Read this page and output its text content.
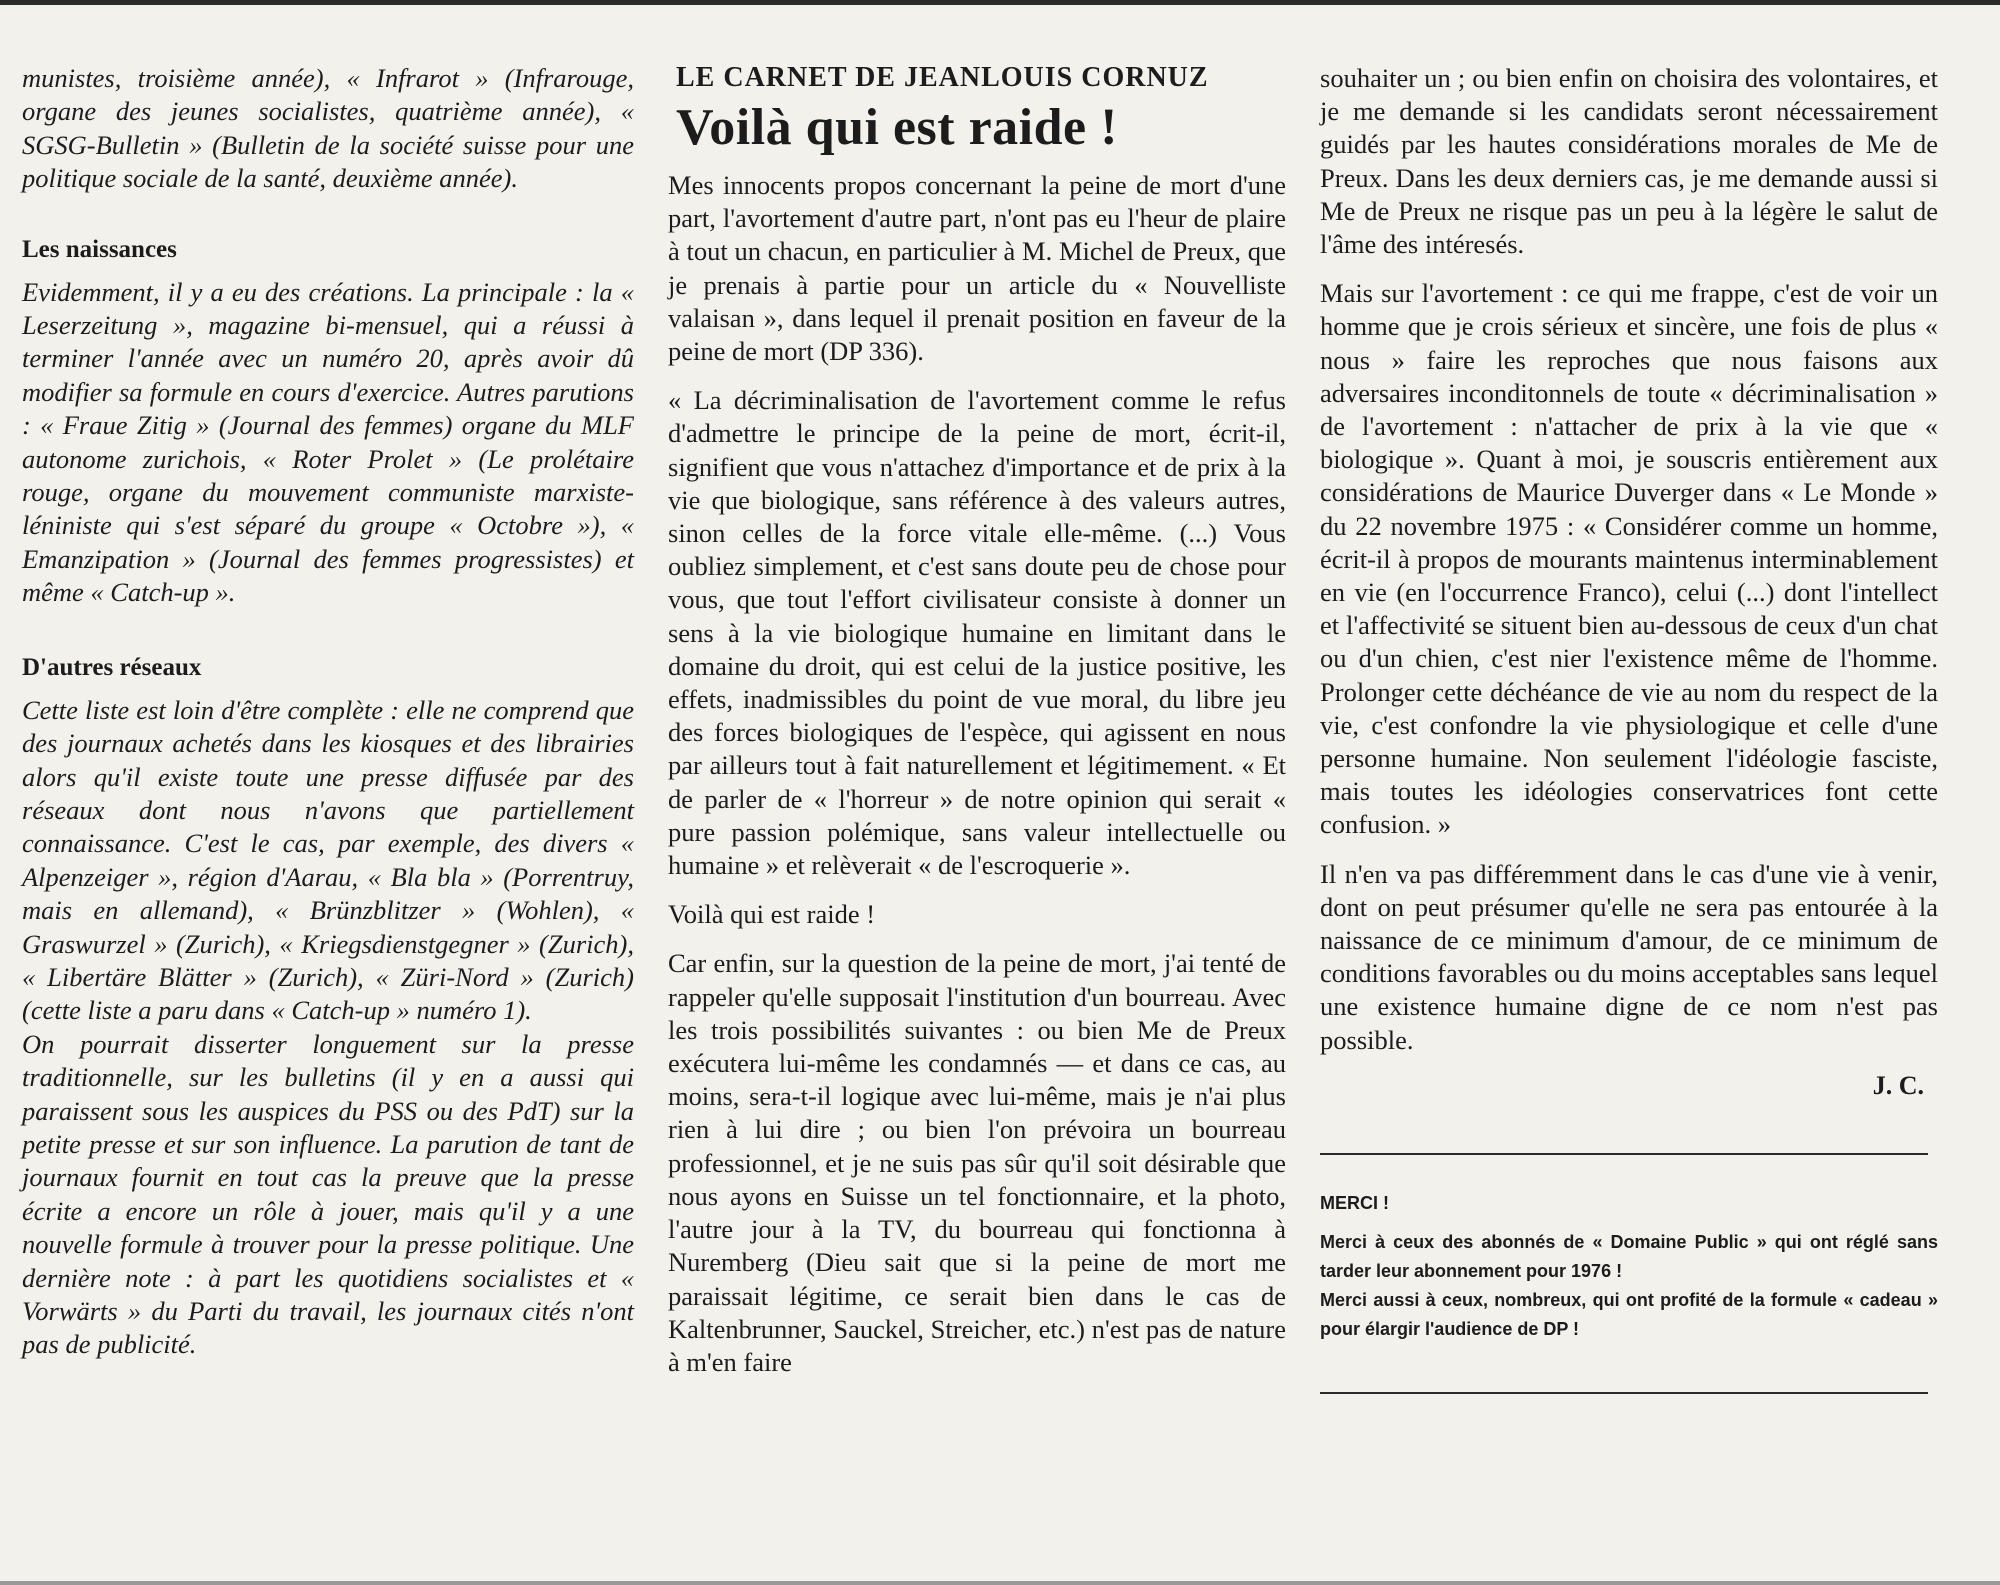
munistes, troisième année), « Infrarot » (Infrarouge, organe des jeunes socialistes, quatrième année), « SGSG-Bulletin » (Bulletin de la société suisse pour une politique sociale de la santé, deuxième année).

Les naissances

Evidemment, il y a eu des créations. La principale : la « Leserzeitung », magazine bi-mensuel, qui a réussi à terminer l'année avec un numéro 20, après avoir dû modifier sa formule en cours d'exercice. Autres parutions : « Fraue Zitig » (Journal des femmes) organe du MLF autonome zurichois, « Roter Prolet » (Le prolétaire rouge, organe du mouvement communiste marxiste-léniniste qui s'est séparé du groupe « Octobre »), « Emanzipation » (Journal des femmes progressistes) et même « Catch-up ».

D'autres réseaux

Cette liste est loin d'être complète : elle ne comprend que des journaux achetés dans les kiosques et des librairies alors qu'il existe toute une presse diffusée par des réseaux dont nous n'avons que partiellement connaissance. C'est le cas, par exemple, des divers « Alpenzeiger », région d'Aarau, « Bla bla » (Porrentruy, mais en allemand), « Brünzblitzer » (Wohlen), « Graswurzel » (Zurich), « Kriegsdienstgegner » (Zurich), « Libertäre Blätter » (Zurich), « Züri-Nord » (Zurich) (cette liste a paru dans « Catch-up » numéro 1).

On pourrait disserter longuement sur la presse traditionnelle, sur les bulletins (il y en a aussi qui paraissent sous les auspices du PSS ou des PdT) sur la petite presse et sur son influence. La parution de tant de journaux fournit en tout cas la preuve que la presse écrite a encore un rôle à jouer, mais qu'il y a une nouvelle formule à trouver pour la presse politique. Une dernière note : à part les quotidiens socialistes et « Vorwärts » du Parti du travail, les journaux cités n'ont pas de publicité.

LE CARNET DE JEANLOUIS CORNUZ
Voilà qui est raide !

Mes innocents propos concernant la peine de mort d'une part, l'avortement d'autre part, n'ont pas eu l'heur de plaire à tout un chacun, en particulier à M. Michel de Preux, que je prenais à partie pour un article du « Nouvelliste valaisan », dans lequel il prenait position en faveur de la peine de mort (DP 336).

« La décriminalisation de l'avortement comme le refus d'admettre le principe de la peine de mort, écrit-il, signifient que vous n'attachez d'importance et de prix à la vie que biologique, sans référence à des valeurs autres, sinon celles de la force vitale elle-même. (...) Vous oubliez simplement, et c'est sans doute peu de chose pour vous, que tout l'effort civilisateur consiste à donner un sens à la vie biologique humaine en limitant dans le domaine du droit, qui est celui de la justice positive, les effets, inadmissibles du point de vue moral, du libre jeu des forces biologiques de l'espèce, qui agissent en nous par ailleurs tout à fait naturellement et légitimement. « Et de parler de « l'horreur » de notre opinion qui serait « pure passion polémique, sans valeur intellectuelle ou humaine » et relèverait « de l'escroquerie ».

Voilà qui est raide !

Car enfin, sur la question de la peine de mort, j'ai tenté de rappeler qu'elle supposait l'institution d'un bourreau. Avec les trois possibilités suivantes : ou bien Me de Preux exécutera lui-même les condamnés — et dans ce cas, au moins, sera-t-il logique avec lui-même, mais je n'ai plus rien à lui dire ; ou bien l'on prévoira un bourreau professionnel, et je ne suis pas sûr qu'il soit désirable que nous ayons en Suisse un tel fonctionnaire, et la photo, l'autre jour à la TV, du bourreau qui fonctionna à Nuremberg (Dieu sait que si la peine de mort me paraissait légitime, ce serait bien dans le cas de Kaltenbrunner, Sauckel, Streicher, etc.) n'est pas de nature à m'en faire

souhaiter un ; ou bien enfin on choisira des volontaires, et je me demande si les candidats seront nécessairement guidés par les hautes considérations morales de Me de Preux. Dans les deux derniers cas, je me demande aussi si Me de Preux ne risque pas un peu à la légère le salut de l'âme des intéresés.

Mais sur l'avortement : ce qui me frappe, c'est de voir un homme que je crois sérieux et sincère, une fois de plus « nous » faire les reproches que nous faisons aux adversaires inconditonnels de toute « décriminalisation » de l'avortement : n'attacher de prix à la vie que « biologique ». Quant à moi, je souscris entièrement aux considérations de Maurice Duverger dans « Le Monde » du 22 novembre 1975 : « Considérer comme un homme, écrit-il à propos de mourants maintenus interminablement en vie (en l'occurrence Franco), celui (...) dont l'intellect et l'affectivité se situent bien au-dessous de ceux d'un chat ou d'un chien, c'est nier l'existence même de l'homme. Prolonger cette déchéance de vie au nom du respect de la vie, c'est confondre la vie physiologique et celle d'une personne humaine. Non seulement l'idéologie fasciste, mais toutes les idéologies conservatrices font cette confusion. »

Il n'en va pas différemment dans le cas d'une vie à venir, dont on peut présumer qu'elle ne sera pas entourée à la naissance de ce minimum d'amour, de ce minimum de conditions favorables ou du moins acceptables sans lequel une existence humaine digne de ce nom n'est pas possible.

J. C.

MERCI !

Merci à ceux des abonnés de « Domaine Public » qui ont réglé sans tarder leur abonnement pour 1976 !

Merci aussi à ceux, nombreux, qui ont profité de la formule « cadeau » pour élargir l'audience de DP !
